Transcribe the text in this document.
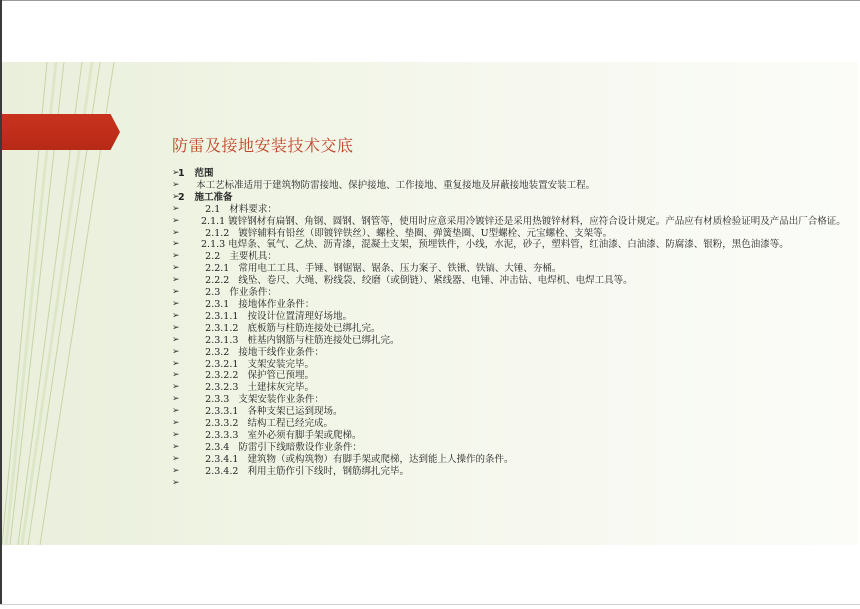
防雷及接地安装技术交底
➢
1   范围
➢
本工艺标准适用于建筑物防雷接地、保护接地、工作接地、重复接地及屏蔽接地装置安装工程。
➢
2   施工准备
➢
2.1   材料要求：
➢	2.1.1 镀锌钢材有扁钢、角钢、圆钢、钢管等，使用时应意采用冷镀锌还是采用热镀锌材料，应符合设计规定。产品应有材质检验证明及产品出厂合格证。
➢
2.1.2   镀锌辅料有铅丝（即镀锌铁丝）、螺栓、垫圈、弹簧垫圈、U型螺栓、元宝螺栓、支架等。
➢	2.1.3 电焊条、氧气、乙炔、沥青漆，混凝土支架，预埋铁件，小线，水泥，砂子，塑料管，红油漆、白油漆、防腐漆、银粉，黑色油漆等。
➢
2.2   主要机具：
➢
2.2.1   常用电工工具、手锤、钢锯锯、锯条、压力案子、铁锹、铁镐、大锤、夯桶。
➢
2.2.2   线坠、卷尺、大绳、粉线袋、绞磨（或倒链）、紧线器、电锤、冲击钻、电焊机、电焊工具等。
➢
2.3   作业条件：
➢
2.3.1   接地体作业条件：
➢
2.3.1.1   按设计位置清理好场地。
➢
2.3.1.2   底板筋与柱筋连接处已绑扎完。
➢
2.3.1.3   桩基内钢筋与柱筋连接处已绑扎完。
➢
2.3.2   接地干线作业条件：
➢
2.3.2.1   支架安装完毕。
➢
2.3.2.2   保护管已预埋。
➢
2.3.2.3   土建抹灰完毕。
➢
2.3.3   支架安装作业条件：
➢
2.3.3.1   各种支架已运到现场。
➢
2.3.3.2   结构工程已经完成。
➢
2.3.3.3   室外必须有脚手架或爬梯。
➢
2.3.4   防雷引下线暗敷设作业条件：
➢
2.3.4.1   建筑物（或构筑物）有脚手架或爬梯，达到能上人操作的条件。
➢
2.3.4.2   利用主筋作引下线时，钢筋绑扎完毕。
➢
